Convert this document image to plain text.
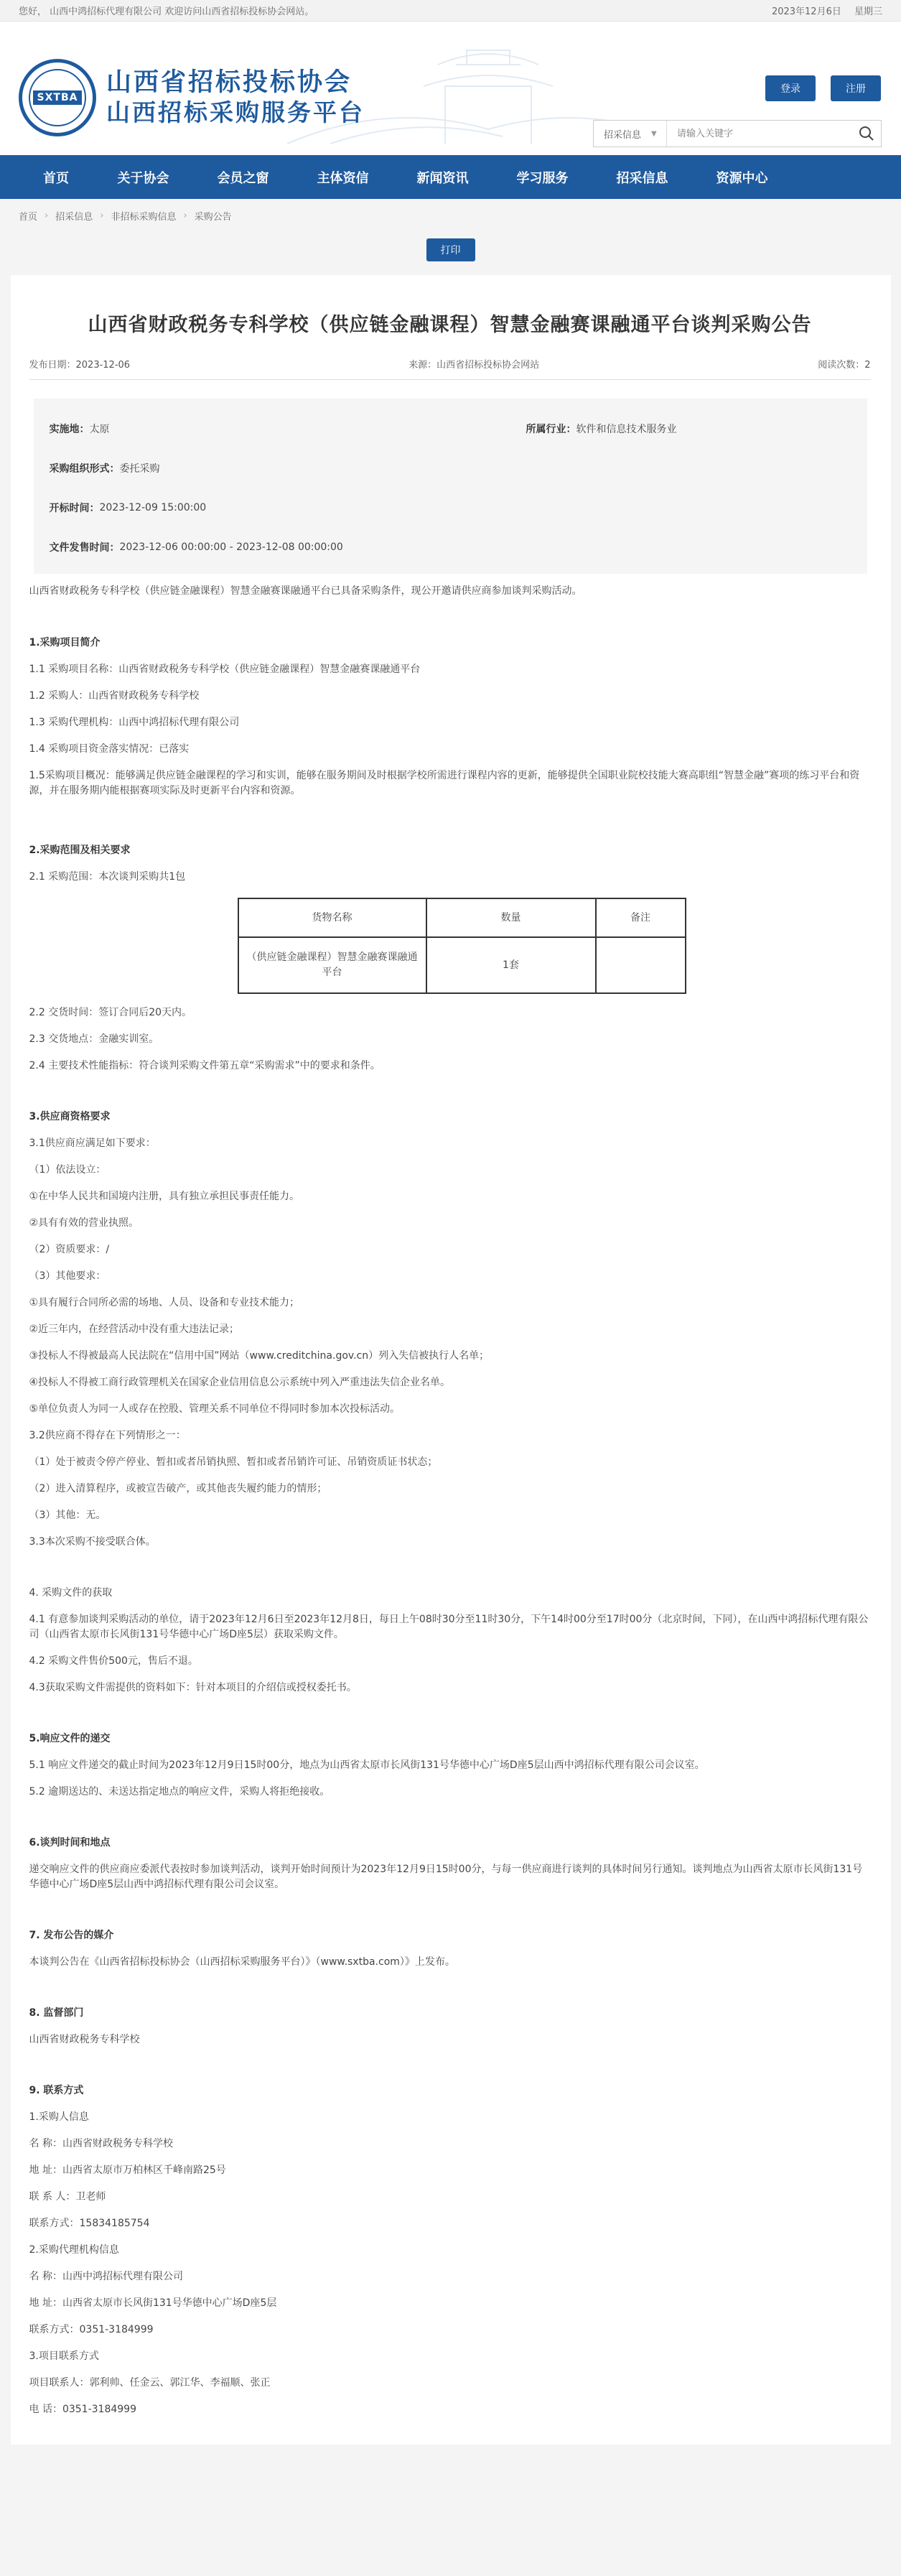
您好， 山西中鸿招标代理有限公司 欢迎访问山西省招标投标协会网站。	2023年12月6日 星期三
SXTBA
山西省招标投标协会
山西招标采购服务平台
登录	注册
招采信息 ▼
请输入关键字
首页	关于协会	会员之窗	主体资信	新闻资讯	学习服务	招采信息	资源中心
首页 › 招采信息 › 非招标采购信息 › 采购公告
打印
山西省财政税务专科学校（供应链金融课程）智慧金融赛课融通平台谈判采购公告
发布日期：2023-12-06	来源：山西省招标投标协会网站	阅读次数：2
实施地：太原	所属行业：软件和信息技术服务业
采购组织形式： 委托采购
开标时间： 2023-12-09 15:00:00
文件发售时间： 2023-12-06 00:00:00 - 2023-12-08 00:00:00

山西省财政税务专科学校（供应链金融课程）智慧金融赛课融通平台已具备采购条件，现公开邀请供应商参加谈判采购活动。

1.采购项目简介

1.1 采购项目名称：山西省财政税务专科学校（供应链金融课程）智慧金融赛课融通平台

1.2 采购人：山西省财政税务专科学校

1.3 采购代理机构：山西中鸿招标代理有限公司

1.4 采购项目资金落实情况：已落实

1.5采购项目概况：能够满足供应链金融课程的学习和实训，能够在服务期间及时根据学校所需进行课程内容的更新，能够提供全国职业院校技能大赛高职组“智慧金融”赛项的练习平台和资源，并在服务期内能根据赛项实际及时更新平台内容和资源。

2.采购范围及相关要求

2.1 采购范围：本次谈判采购共1包

货物名称	数量	备注
（供应链金融课程）智慧金融赛课融通平台	1套	

2.2 交货时间：签订合同后20天内。

2.3 交货地点：金融实训室。

2.4 主要技术性能指标：符合谈判采购文件第五章“采购需求”中的要求和条件。

3.供应商资格要求

3.1供应商应满足如下要求：

（1）依法设立：

①在中华人民共和国境内注册，具有独立承担民事责任能力。

②具有有效的营业执照。

（2）资质要求：/

（3）其他要求：

①具有履行合同所必需的场地、人员、设备和专业技术能力；

②近三年内，在经营活动中没有重大违法记录；

③投标人不得被最高人民法院在“信用中国”网站（www.creditchina.gov.cn）列入失信被执行人名单；

④投标人不得被工商行政管理机关在国家企业信用信息公示系统中列入严重违法失信企业名单。

⑤单位负责人为同一人或存在控股、管理关系不同单位不得同时参加本次投标活动。

3.2供应商不得存在下列情形之一：

（1）处于被责令停产停业、暂扣或者吊销执照、暂扣或者吊销许可证、吊销资质证书状态；

（2）进入清算程序，或被宣告破产，或其他丧失履约能力的情形；

（3）其他：无。

3.3本次采购不接受联合体。

4. 采购文件的获取

4.1 有意参加谈判采购活动的单位，请于2023年12月6日至2023年12月8日，每日上午08时30分至11时30分，下午14时00分至17时00分（北京时间，下同），在山西中鸿招标代理有限公司（山西省太原市长风街131号华德中心广场D座5层）获取采购文件。

4.2 采购文件售价500元，售后不退。

4.3获取采购文件需提供的资料如下：针对本项目的介绍信或授权委托书。

5.响应文件的递交

5.1 响应文件递交的截止时间为2023年12月9日15时00分，地点为山西省太原市长风街131号华德中心广场D座5层山西中鸿招标代理有限公司会议室。

5.2 逾期送达的、未送达指定地点的响应文件，采购人将拒绝接收。

6.谈判时间和地点

递交响应文件的供应商应委派代表按时参加谈判活动，谈判开始时间预计为2023年12月9日15时00分，与每一供应商进行谈判的具体时间另行通知。谈判地点为山西省太原市长风街131号华德中心广场D座5层山西中鸿招标代理有限公司会议室。

7. 发布公告的媒介

本谈判公告在《山西省招标投标协会（山西招标采购服务平台）》（www.sxtba.com）》上发布。

8. 监督部门

山西省财政税务专科学校

9. 联系方式

1.采购人信息

名 称：山西省财政税务专科学校

地 址：山西省太原市万柏林区千峰南路25号

联 系 人：卫老师

联系方式：15834185754

2.采购代理机构信息

名 称：山西中鸿招标代理有限公司

地 址：山西省太原市长风街131号华德中心广场D座5层

联系方式：0351-3184999

3.项目联系方式

项目联系人：郭利帅、任金云、郭江华、李福顺、张正

电 话：0351-3184999
